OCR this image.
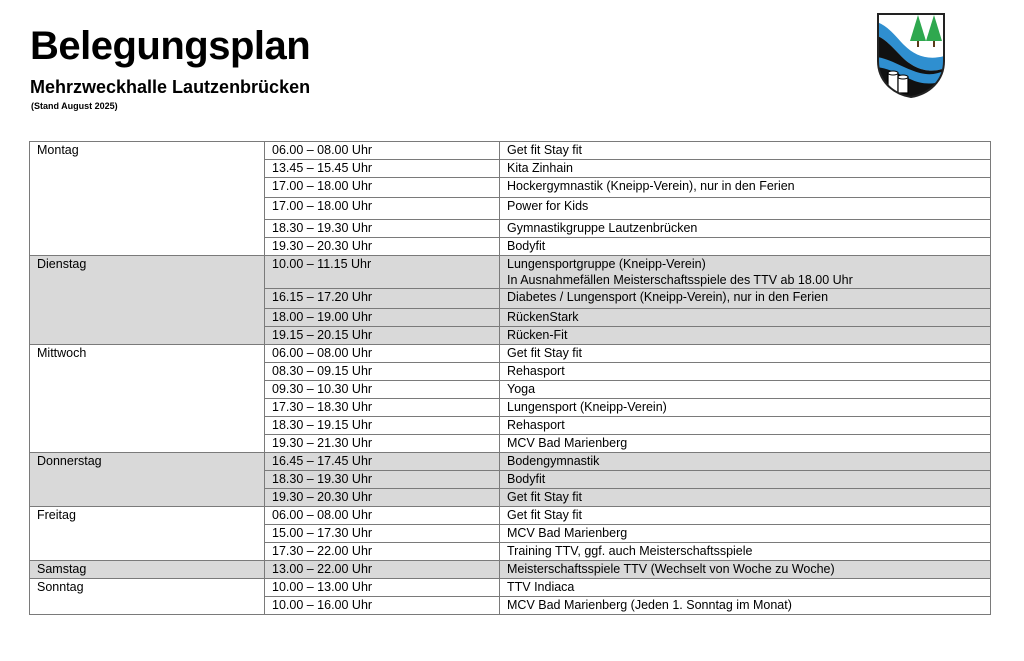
Belegungsplan
Mehrzweckhalle Lautzenbrücken
(Stand August 2025)
Montag	06.00 – 08.00 Uhr	Get fit Stay fit

	13.45 – 15.45 Uhr	Kita Zinhain

	17.00 – 18.00 Uhr	Hockergymnastik (Kneipp-Verein), nur in den Ferien

	17.00 – 18.00 Uhr	Power for Kids

	18.30 – 19.30 Uhr	Gymnastikgruppe Lautzenbrücken

	19.30 – 20.30 Uhr	Bodyfit

Dienstag	10.00 – 11.15 Uhr	Lungensportgruppe (Kneipp-Verein)
In Ausnahmefällen Meisterschaftsspiele des TTV ab 18.00 Uhr

	16.15 – 17.20 Uhr	Diabetes / Lungensport (Kneipp-Verein), nur in den Ferien

	18.00 – 19.00 Uhr	RückenStark

	19.15 – 20.15 Uhr	Rücken-Fit

Mittwoch	06.00 – 08.00 Uhr	Get fit Stay fit

	08.30 – 09.15 Uhr	Rehasport

	09.30 – 10.30 Uhr	Yoga

	17.30 – 18.30 Uhr	Lungensport (Kneipp-Verein)

	18.30 – 19.15 Uhr	Rehasport

	19.30 – 21.30 Uhr	MCV Bad Marienberg

Donnerstag	16.45 – 17.45 Uhr	Bodengymnastik

	18.30 – 19.30 Uhr	Bodyfit

	19.30 – 20.30 Uhr	Get fit Stay fit

Freitag	06.00 – 08.00 Uhr	Get fit Stay fit

	15.00 – 17.30 Uhr	MCV Bad Marienberg

	17.30 – 22.00 Uhr	Training TTV, ggf. auch Meisterschaftsspiele

Samstag	13.00 – 22.00 Uhr	Meisterschaftsspiele TTV (Wechselt von Woche zu Woche)

Sonntag	10.00 – 13.00 Uhr	TTV Indiaca

	10.00 – 16.00 Uhr	MCV Bad Marienberg (Jeden 1. Sonntag im Monat)
